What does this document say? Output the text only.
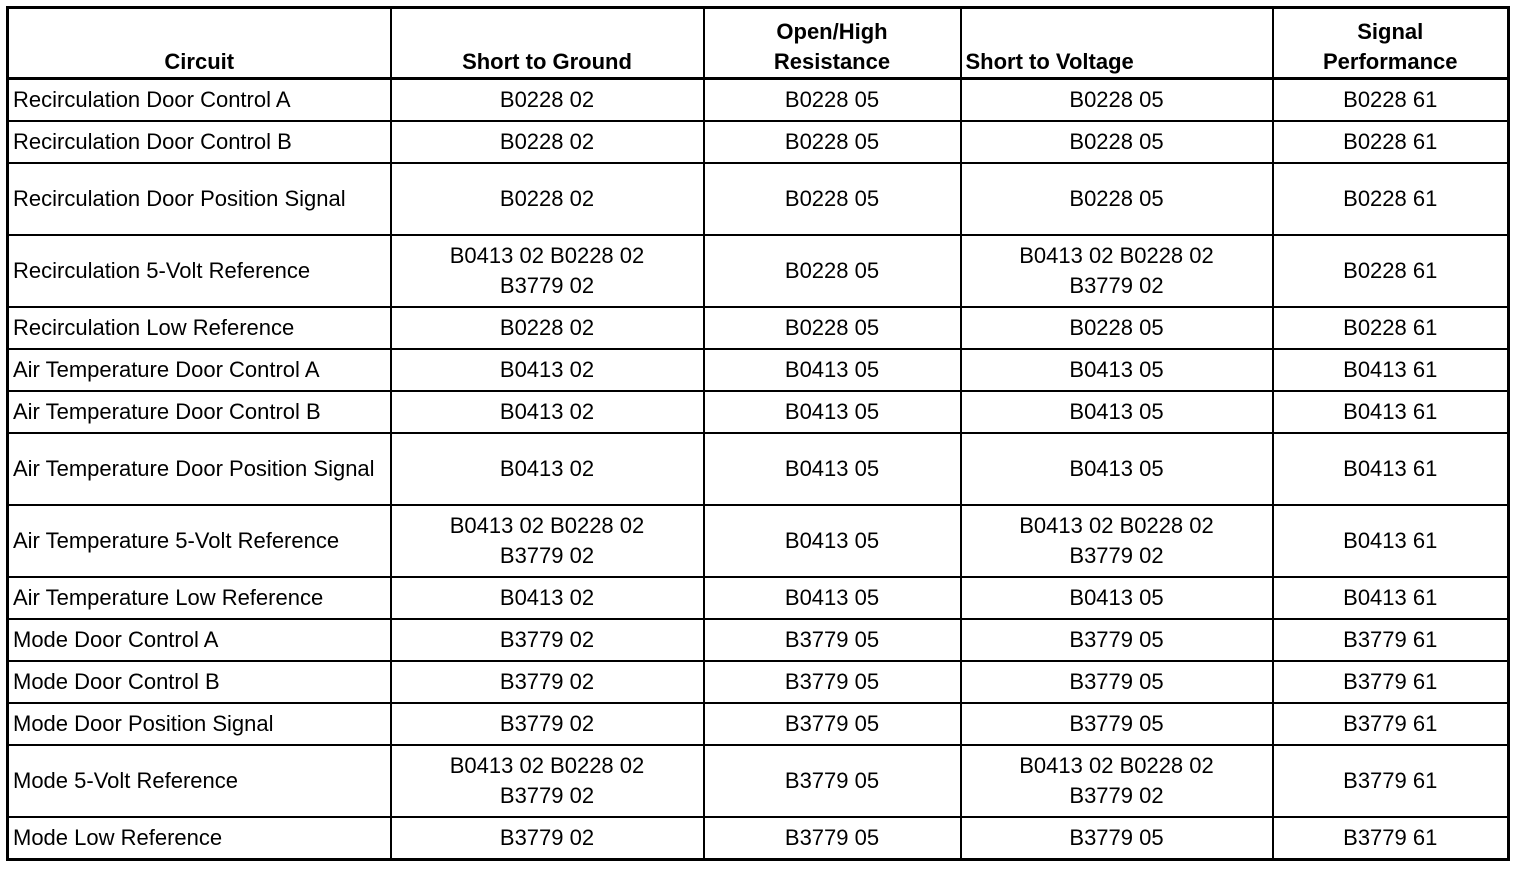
Circuit	Short to Ground	Open/High Resistance	Short to Voltage	Signal Performance
Recirculation Door Control A	B0228 02	B0228 05	B0228 05	B0228 61
Recirculation Door Control B	B0228 02	B0228 05	B0228 05	B0228 61
Recirculation Door Position Signal	B0228 02	B0228 05	B0228 05	B0228 61
Recirculation 5-Volt Reference	B0413 02 B0228 02 B3779 02	B0228 05	B0413 02 B0228 02 B3779 02	B0228 61
Recirculation Low Reference	B0228 02	B0228 05	B0228 05	B0228 61
Air Temperature Door Control A	B0413 02	B0413 05	B0413 05	B0413 61
Air Temperature Door Control B	B0413 02	B0413 05	B0413 05	B0413 61
Air Temperature Door Position Signal	B0413 02	B0413 05	B0413 05	B0413 61
Air Temperature 5-Volt Reference	B0413 02 B0228 02 B3779 02	B0413 05	B0413 02 B0228 02 B3779 02	B0413 61
Air Temperature Low Reference	B0413 02	B0413 05	B0413 05	B0413 61
Mode Door Control A	B3779 02	B3779 05	B3779 05	B3779 61
Mode Door Control B	B3779 02	B3779 05	B3779 05	B3779 61
Mode Door Position Signal	B3779 02	B3779 05	B3779 05	B3779 61
Mode 5-Volt Reference	B0413 02 B0228 02 B3779 02	B3779 05	B0413 02 B0228 02 B3779 02	B3779 61
Mode Low Reference	B3779 02	B3779 05	B3779 05	B3779 61
